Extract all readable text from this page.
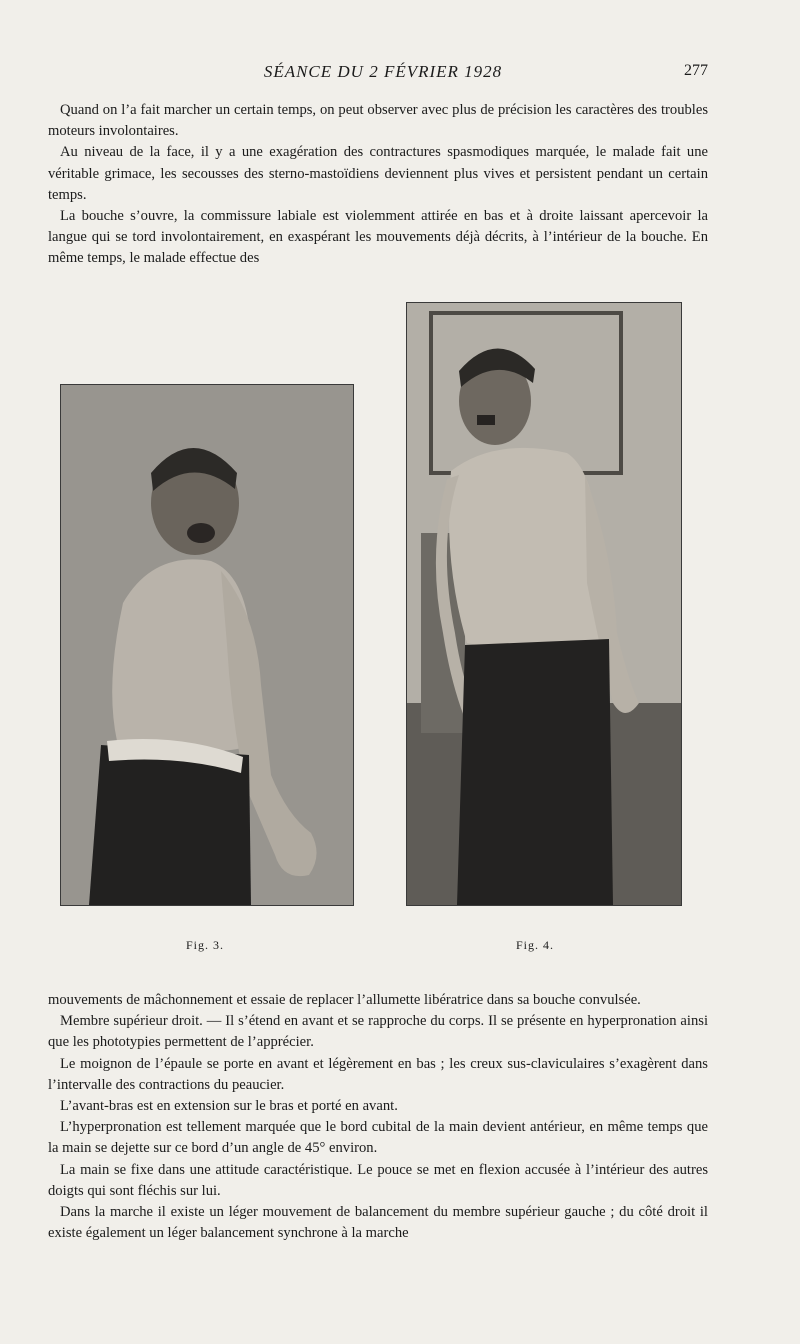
SÉANCE DU 2 FÉVRIER 1928	277

Quand on l’a fait marcher un certain temps, on peut observer avec plus de précision les caractères des troubles moteurs involontaires.

Au niveau de la face, il y a une exagération des contractures spasmodiques marquée, le malade fait une véritable grimace, les secousses des sterno-mastoïdiens deviennent plus vives et persistent pendant un certain temps.

La bouche s’ouvre, la commissure labiale est violemment attirée en bas et à droite laissant apercevoir la langue qui se tord involontairement, en exaspérant les mouvements déjà décrits, à l’intérieur de la bouche. En même temps, le malade effectue des

Fig. 3.	Fig. 4.

mouvements de mâchonnement et essaie de replacer l’allumette libératrice dans sa bouche convulsée.

Membre supérieur droit. — Il s’étend en avant et se rapproche du corps. Il se présente en hyperpronation ainsi que les phototypies permettent de l’apprécier.

Le moignon de l’épaule se porte en avant et légèrement en bas ; les creux sus-claviculaires s’exagèrent dans l’intervalle des contractions du peaucier.

L’avant-bras est en extension sur le bras et porté en avant.

L’hyperpronation est tellement marquée que le bord cubital de la main devient antérieur, en même temps que la main se dejette sur ce bord d’un angle de 45° environ.

La main se fixe dans une attitude caractéristique. Le pouce se met en flexion accusée à l’intérieur des autres doigts qui sont fléchis sur lui.

Dans la marche il existe un léger mouvement de balancement du membre supérieur gauche ; du côté droit il existe également un léger balancement synchrone à la marche
